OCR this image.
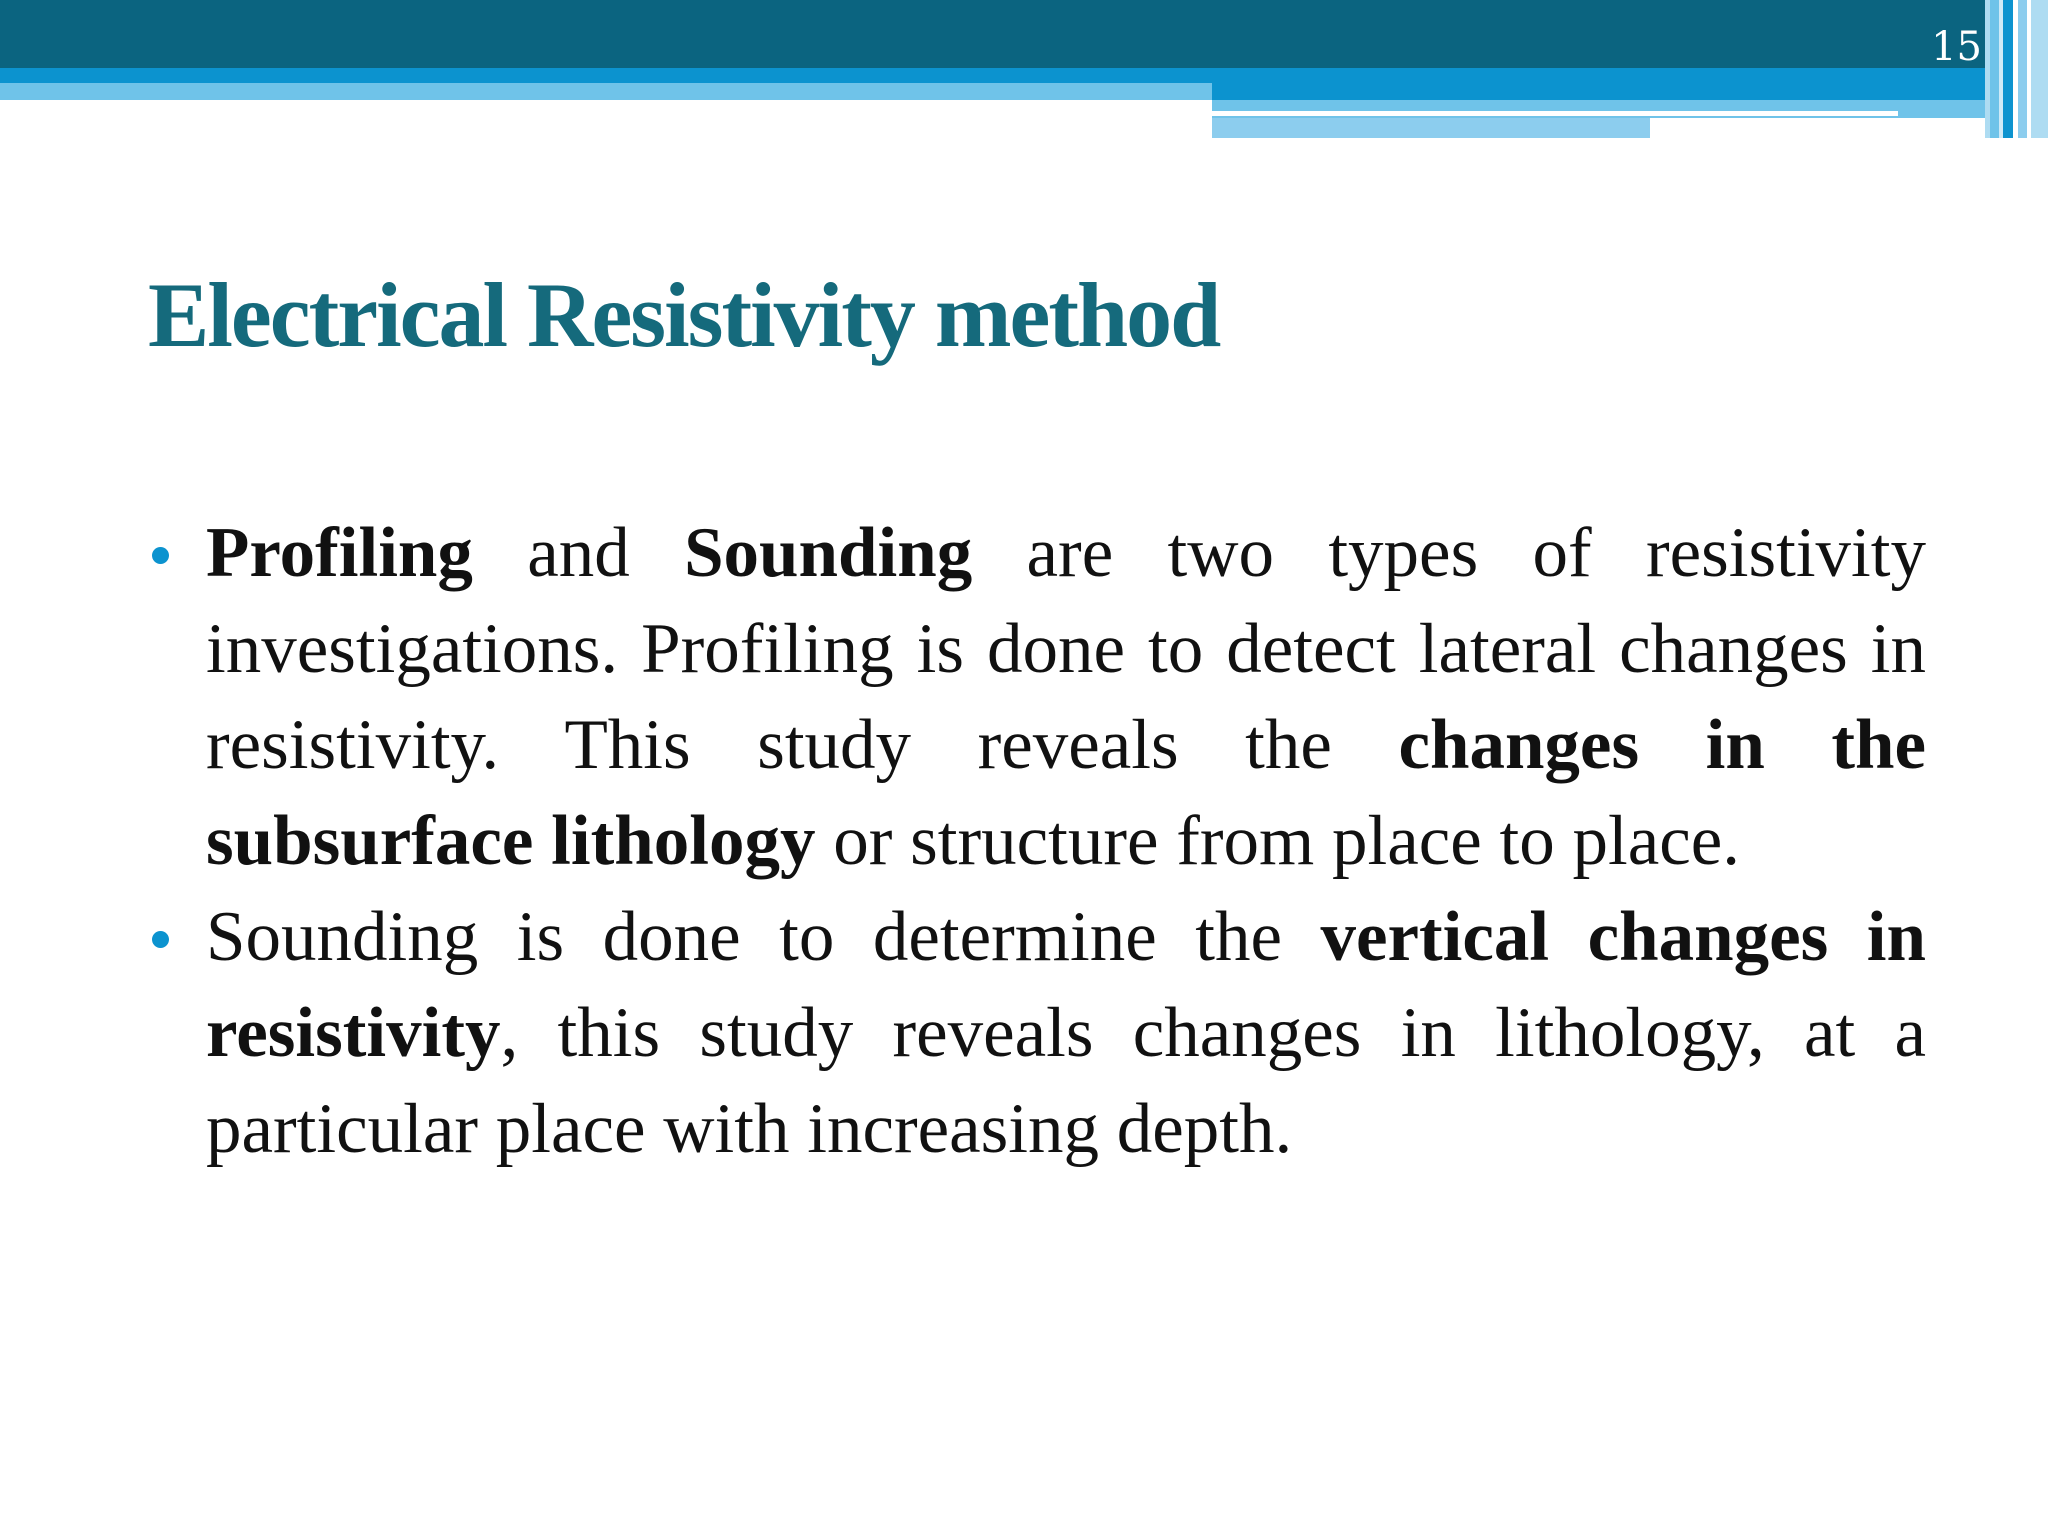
15
Electrical Resistivity method
Profiling and Sounding are two types of resistivity investigations. Profiling is done to detect lateral changes in resistivity. This study reveals the changes in the subsurface lithology or structure from place to place.
Sounding is done to determine the vertical changes in resistivity, this study reveals changes in lithology, at a particular place with increasing depth.
